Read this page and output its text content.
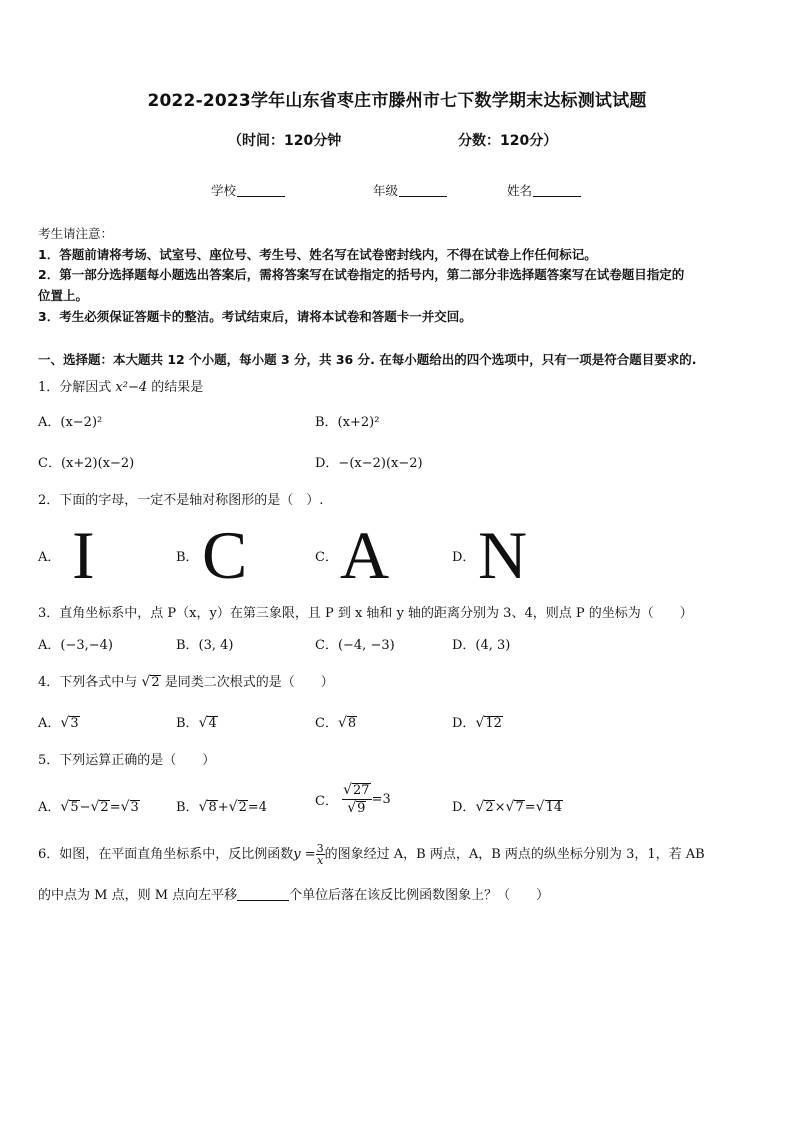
2022-2023学年山东省枣庄市滕州市七下数学期末达标测试试题
（时间：120分钟	分数：120分）
学校	年级	姓名
考生请注意：
1．答题前请将考场、试室号、座位号、考生号、姓名写在试卷密封线内，不得在试卷上作任何标记。
2．第一部分选择题每小题选出答案后，需将答案写在试卷指定的括号内，第二部分非选择题答案写在试卷题目指定的
位置上。
3．考生必须保证答题卡的整洁。考试结束后，请将本试卷和答题卡一并交回。
一、选择题：本大题共 12 个小题，每小题 3 分，共 36 分. 在每小题给出的四个选项中，只有一项是符合题目要求的.
1．分解因式 x²−4 的结果是
A．(x−2)²	B．(x+2)²
C．(x+2)(x−2)	D．−(x−2)(x−2)
2．下面的字母，一定不是轴对称图形的是（　）.
A． I	B． C	C． A	D． N
3．直角坐标系中，点 P（x，y）在第三象限，且 P 到 x 轴和 y 轴的距离分别为 3、4，则点 P 的坐标为（　　）
A．(−3,−4)	B．(3, 4)	C．(−4, −3)	D．(4, 3)
4．下列各式中与 √2 是同类二次根式的是（　　）
A．√3	B．√4	C．√8	D．√12
5．下列运算正确的是（　　）
A．√5−√2=√3	B．√8+√2=4	C． $\frac{√27}{√9} =3$
D．√2×√7=√14
6．如图，在平面直角坐标系中，反比例函数$y = \frac{3}{x}$ 的图象经过 A，B 两点，A，B 两点的纵坐标分别为 3，1，若 AB
的中点为 M 点，则 M 点向左平移	个单位后落在该反比例函数图象上？（　　）
